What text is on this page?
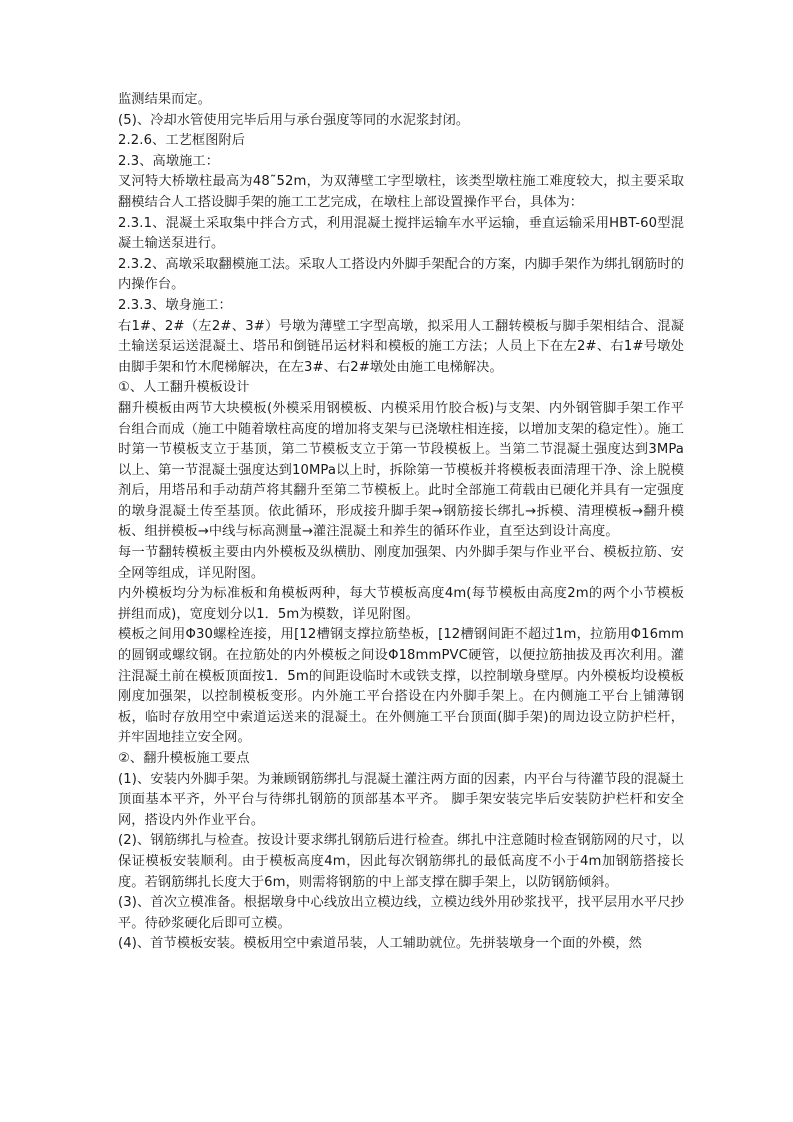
监测结果而定。

(5)、冷却水管使用完毕后用与承台强度等同的水泥浆封闭。

2.2.6、工艺框图附后

2.3、高墩施工：

叉河特大桥墩柱最高为48˜52m，为双薄壁工字型墩柱，该类型墩柱施工难度较大，拟主要采取翻模结合人工搭设脚手架的施工工艺完成，在墩柱上部设置操作平台，具体为：

2.3.1、混凝土采取集中拌合方式，利用混凝土搅拌运输车水平运输，垂直运输采用HBT-60型混凝土输送泵进行。

2.3.2、高墩采取翻模施工法。采取人工搭设内外脚手架配合的方案，内脚手架作为绑扎钢筋时的内操作台。

2.3.3、墩身施工：

右1#、2#（左2#、3#）号墩为薄壁工字型高墩，拟采用人工翻转模板与脚手架相结合、混凝土输送泵运送混凝土、塔吊和倒链吊运材料和模板的施工方法；人员上下在左2#、右1#号墩处由脚手架和竹木爬梯解决，在左3#、右2#墩处由施工电梯解决。

①、人工翻升模板设计

翻升模板由两节大块模板(外模采用钢模板、内模采用竹胶合板)与支架、内外钢管脚手架工作平台组合而成（施工中随着墩柱高度的增加将支架与已浇墩柱相连接，以增加支架的稳定性）。施工时第一节模板支立于基顶，第二节模板支立于第一节段模板上。当第二节混凝土强度达到3MPa以上、第一节混凝土强度达到10MPa以上时，拆除第一节模板并将模板表面清理干净、涂上脱模剂后，用塔吊和手动葫芦将其翻升至第二节模板上。此时全部施工荷载由已硬化并具有一定强度的墩身混凝土传至基顶。依此循环，形成接升脚手架→钢筋接长绑扎→拆模、清理模板→翻升模板、组拼模板→中线与标高测量→灌注混凝土和养生的循环作业，直至达到设计高度。

每一节翻转模板主要由内外模板及纵横肋、刚度加强架、内外脚手架与作业平台、模板拉筋、安全网等组成，详见附图。

内外模板均分为标准板和角模板两种，每大节模板高度4m(每节模板由高度2m的两个小节模板拼组而成)，宽度划分以1．5m为模数，详见附图。

模板之间用Φ30螺栓连接，用[12槽钢支撑拉筋垫板，[12槽钢间距不超过1m，拉筋用Φ16mm的圆钢或螺纹钢。在拉筋处的内外模板之间设Φ18mmPVC硬管，以便拉筋抽拔及再次利用。灌注混凝土前在模板顶面按1．5m的间距设临时木或铁支撑，以控制墩身壁厚。内外模板均设模板刚度加强架，以控制模板变形。内外施工平台搭设在内外脚手架上。在内侧施工平台上铺薄钢板，临时存放用空中索道运送来的混凝土。在外侧施工平台顶面(脚手架)的周边设立防护栏杆，并牢固地挂立安全网。

②、翻升模板施工要点

(1)、安装内外脚手架。为兼顾钢筋绑扎与混凝土灌注两方面的因素，内平台与待灌节段的混凝土顶面基本平齐，外平台与待绑扎钢筋的顶部基本平齐。 脚手架安装完毕后安装防护栏杆和安全网，搭设内外作业平台。

(2)、钢筋绑扎与检查。按设计要求绑扎钢筋后进行检查。绑扎中注意随时检查钢筋网的尺寸，以保证模板安装顺利。由于模板高度4m，因此每次钢筋绑扎的最低高度不小于4m加钢筋搭接长度。若钢筋绑扎长度大于6m，则需将钢筋的中上部支撑在脚手架上，以防钢筋倾斜。

(3)、首次立模准备。根据墩身中心线放出立模边线，立模边线外用砂浆找平，找平层用水平尺抄平。待砂浆硬化后即可立模。

(4)、首节模板安装。模板用空中索道吊装，人工辅助就位。先拼装墩身一个面的外模，然
